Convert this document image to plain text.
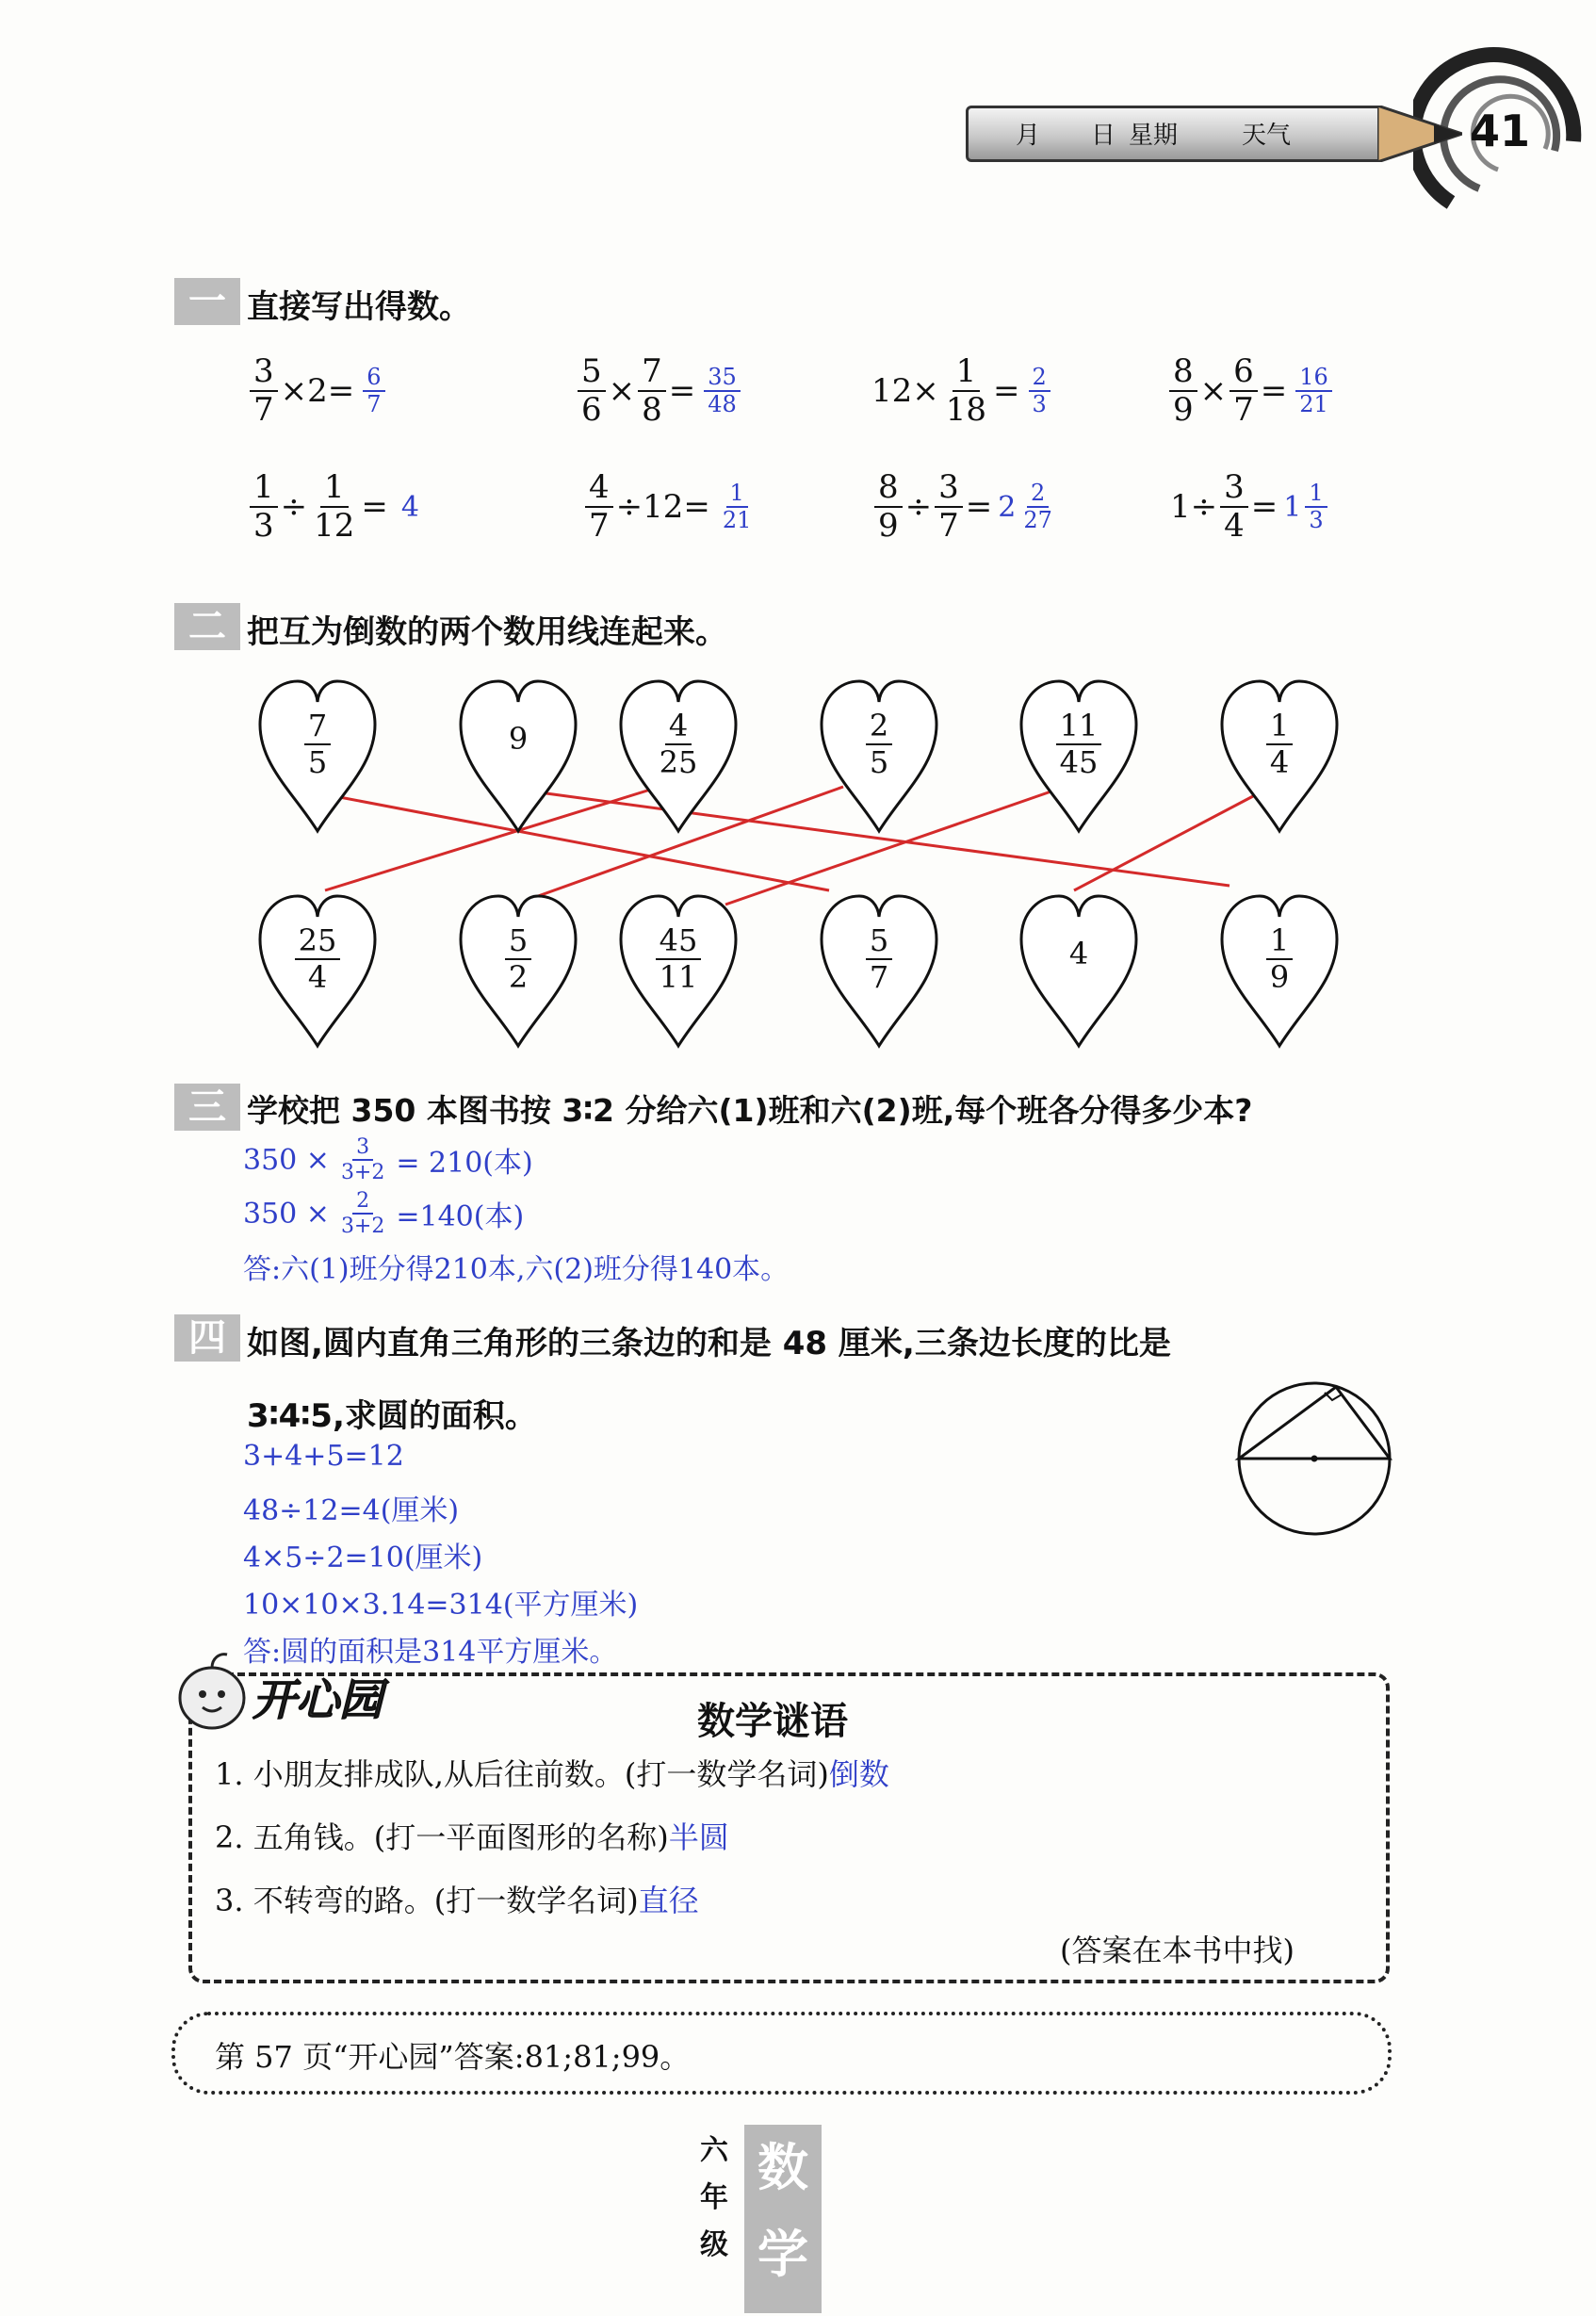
月 日 星期	天气	41
一 直接写出得数。
$\frac{3}{7} \times 2= \frac{6}{7}$	$\frac{5}{6} \times \frac{7}{8} = \frac{35}{48}$	$12\times \frac{1}{18} = \frac{2}{3}$	$\frac{8}{9} \times \frac{6}{7} = \frac{16}{21}$
$\frac{1}{3} \div \frac{1}{12} = 4$	$\frac{4}{7} \div 12= \frac{1}{21}$	$\frac{8}{9} \div \frac{3}{7} = 2 \frac{2}{27}$	$1\div \frac{3}{4} = 1 \frac{1}{3}$
二 把互为倒数的两个数用线连起来。
$\frac{7}{5}$	9	$\frac{4}{25}$	$\frac{2}{5}$	$\frac{11}{45}$	$\frac{1}{4}$
$\frac{25}{4}$	$\frac{5}{2}$	$\frac{45}{11}$	$\frac{5}{7}$	4	$\frac{1}{9}$
三 学校把 350 本图书按 3∶2 分给六(1)班和六(2)班,每个班各分得多少本?
$350 \times \frac{3}{3+2} = 210$(本)
$350 \times \frac{2}{3+2} =140$(本)
答:六(1)班分得210本,六(2)班分得140本。
四 如图,圆内直角三角形的三条边的和是 48 厘米,三条边长度的比是
3∶4∶5,求圆的面积。
3+4+5=12
48÷12=4(厘米)
4×5÷2=10(厘米)
10×10×3.14=314(平方厘米)
答:圆的面积是314平方厘米。
开心园	数学谜语
1. 小朋友排成队,从后往前数。(打一数学名词)倒数
2. 五角钱。(打一平面图形的名称)半圆
3. 不转弯的路。(打一数学名词)直径
(答案在本书中找)
第 57 页“开心园”答案:81;81;99。
六
年
级
数
学
